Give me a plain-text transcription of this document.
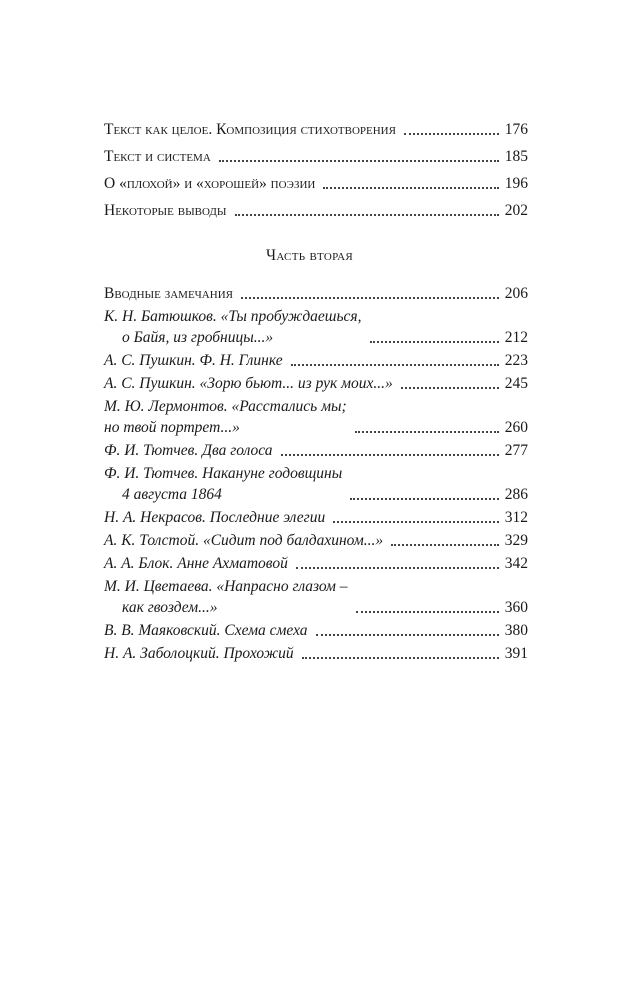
Текст как целое. Композиция стихотворения	176
Текст и система	185
О «плохой» и «хорошей» поэзии	196
Некоторые выводы	202
Часть вторая
Вводные замечания	206
К. Н. Батюшков. «Ты пробуждаешься,
о Байя, из гробницы...»	212
А. С. Пушкин. Ф. Н. Глинке	223
А. С. Пушкин. «Зорю бьют... из рук моих...»	245
М. Ю. Лермонтов. «Расстались мы;
но твой портрет...»	260
Ф. И. Тютчев. Два голоса	277
Ф. И. Тютчев. Накануне годовщины
4 августа 1864	286
Н. А. Некрасов. Последние элегии	312
А. К. Толстой. «Сидит под балдахином...»	329
А. А. Блок. Анне Ахматовой	342
М. И. Цветаева. «Напрасно глазом –
как гвоздем...»	360
В. В. Маяковский. Схема смеха	380
Н. А. Заболоцкий. Прохожий	391
